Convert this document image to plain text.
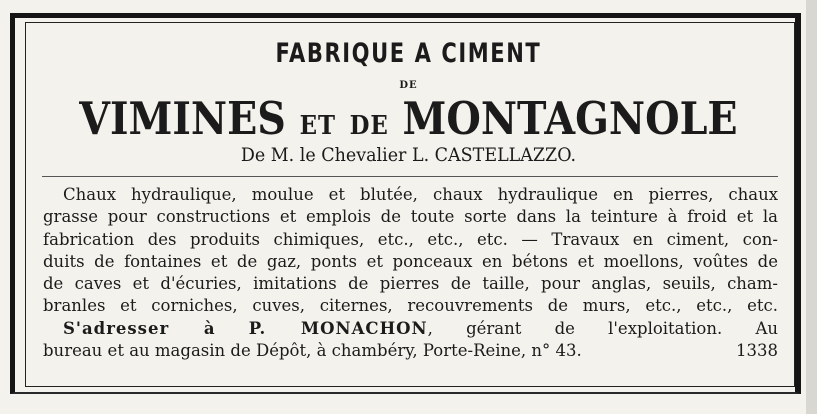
FABRIQUE A CIMENT
DE
VIMINES ET DE MONTAGNOLE
De M. le Chevalier L. CASTELLAZZO.
Chaux hydraulique, moulue et blutée, chaux hydraulique en pierres, chaux
grasse pour constructions et emplois de toute sorte dans la teinture à froid et la
fabrication des produits chimiques, etc., etc., etc. — Travaux en ciment, con-
duits de fontaines et de gaz, ponts et ponceaux en bétons et moellons, voûtes de
de caves et d'écuries, imitations de pierres de taille, pour anglas, seuils, cham-
branles et corniches, cuves, citernes, recouvrements de murs, etc., etc., etc.
S'adresser à P. MONACHON, gérant de l'exploitation. Au
bureau et au magasin de Dépôt, à chambéry, Porte-Reine, n° 43.	1338
